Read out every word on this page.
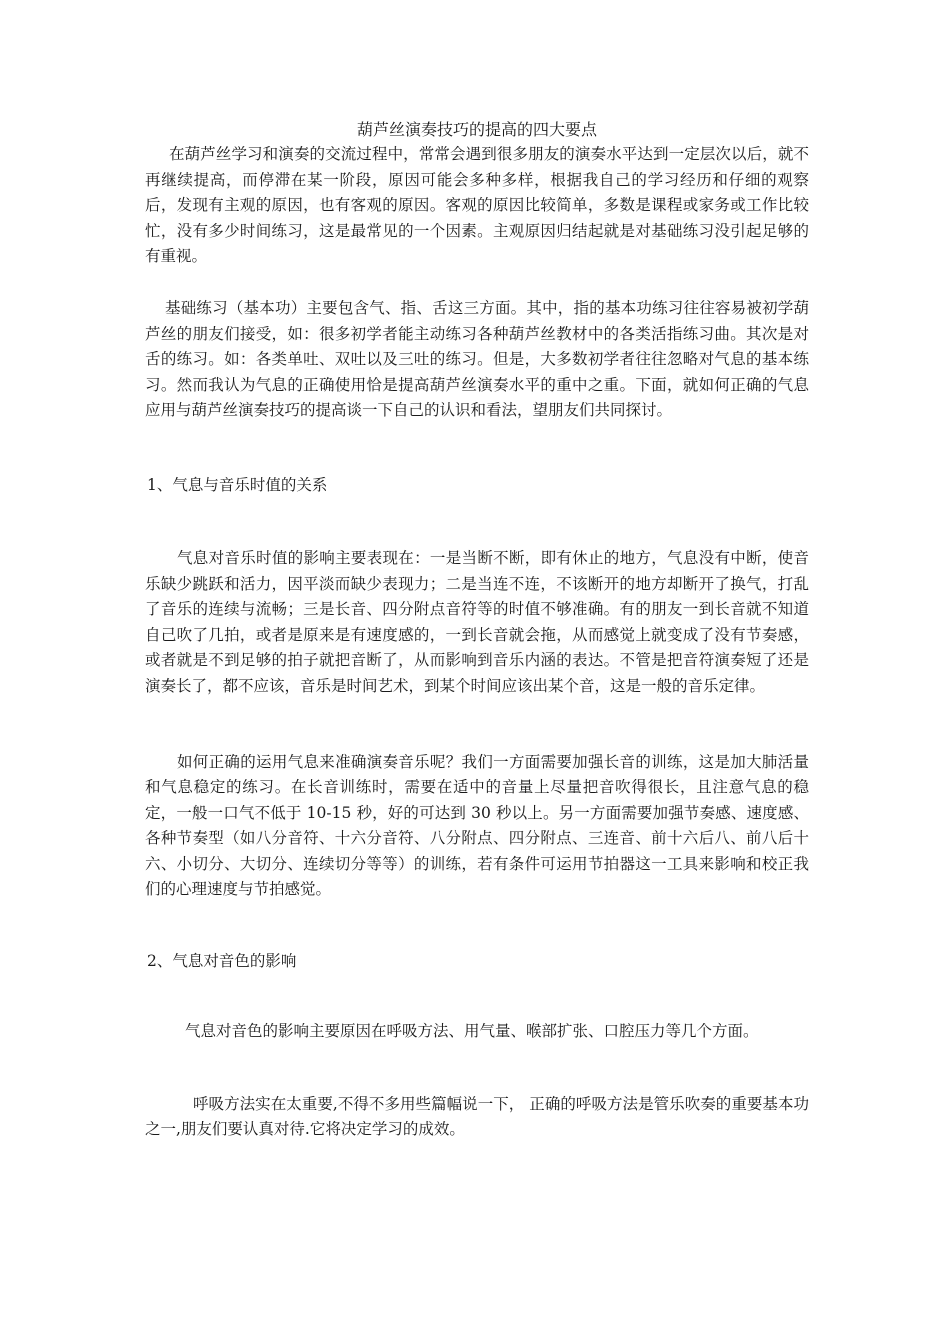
葫芦丝演奏技巧的提高的四大要点

在葫芦丝学习和演奏的交流过程中，常常会遇到很多朋友的演奏水平达到一定层次以后，就不再继续提高，而停滞在某一阶段，原因可能会多种多样，根据我自己的学习经历和仔细的观察后，发现有主观的原因，也有客观的原因。客观的原因比较简单，多数是课程或家务或工作比较忙，没有多少时间练习，这是最常见的一个因素。主观原因归结起就是对基础练习没引起足够的有重视。

基础练习（基本功）主要包含气、指、舌这三方面。其中，指的基本功练习往往容易被初学葫芦丝的朋友们接受，如：很多初学者能主动练习各种葫芦丝教材中的各类活指练习曲。其次是对舌的练习。如：各类单吐、双吐以及三吐的练习。但是，大多数初学者往往忽略对气息的基本练习。然而我认为气息的正确使用恰是提高葫芦丝演奏水平的重中之重。下面，就如何正确的气息应用与葫芦丝演奏技巧的提高谈一下自己的认识和看法，望朋友们共同探讨。

1、气息与音乐时值的关系

气息对音乐时值的影响主要表现在：一是当断不断，即有休止的地方，气息没有中断，使音乐缺少跳跃和活力，因平淡而缺少表现力；二是当连不连，不该断开的地方却断开了换气，打乱了音乐的连续与流畅；三是长音、四分附点音符等的时值不够准确。有的朋友一到长音就不知道自己吹了几拍，或者是原来是有速度感的，一到长音就会拖，从而感觉上就变成了没有节奏感，或者就是不到足够的拍子就把音断了，从而影响到音乐内涵的表达。不管是把音符演奏短了还是演奏长了，都不应该，音乐是时间艺术，到某个时间应该出某个音，这是一般的音乐定律。

如何正确的运用气息来准确演奏音乐呢？我们一方面需要加强长音的训练，这是加大肺活量和气息稳定的练习。在长音训练时，需要在适中的音量上尽量把音吹得很长，且注意气息的稳定，一般一口气不低于 10-15 秒，好的可达到 30 秒以上。另一方面需要加强节奏感、速度感、各种节奏型（如八分音符、十六分音符、八分附点、四分附点、三连音、前十六后八、前八后十六、小切分、大切分、连续切分等等）的训练，若有条件可运用节拍器这一工具来影响和校正我们的心理速度与节拍感觉。

2、气息对音色的影响

气息对音色的影响主要原因在呼吸方法、用气量、喉部扩张、口腔压力等几个方面。

呼吸方法实在太重要,不得不多用些篇幅说一下， 正确的呼吸方法是管乐吹奏的重要基本功之一,朋友们要认真对待.它将决定学习的成效。
